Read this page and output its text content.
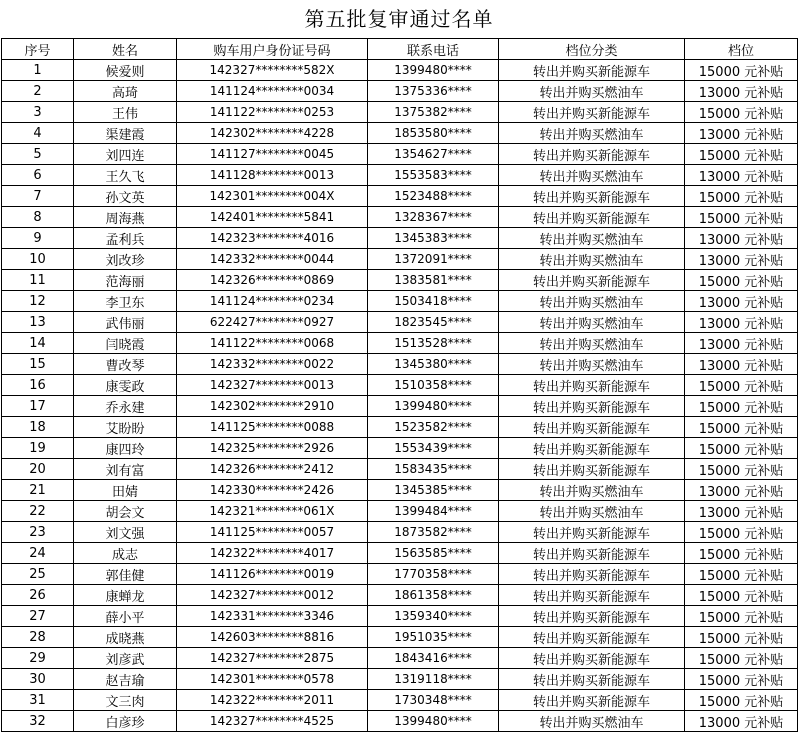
第五批复审通过名单
序号	姓名	购车用户身份证号码	联系电话	档位分类	档位
1	候爱则	142327********582X	1399480****	转出并购买新能源车	15000 元补贴
2	高琦	141124********0034	1375336****	转出并购买燃油车	13000 元补贴
3	王伟	141122********0253	1375382****	转出并购买新能源车	15000 元补贴
4	渠建霞	142302********4228	1853580****	转出并购买燃油车	13000 元补贴
5	刘四连	141127********0045	1354627****	转出并购买新能源车	15000 元补贴
6	王久飞	141128********0013	1553583****	转出并购买燃油车	13000 元补贴
7	孙文英	142301********004X	1523488****	转出并购买新能源车	15000 元补贴
8	周海燕	142401********5841	1328367****	转出并购买新能源车	15000 元补贴
9	孟利兵	142323********4016	1345383****	转出并购买燃油车	13000 元补贴
10	刘改珍	142332********0044	1372091****	转出并购买燃油车	13000 元补贴
11	范海丽	142326********0869	1383581****	转出并购买新能源车	15000 元补贴
12	李卫东	141124********0234	1503418****	转出并购买燃油车	13000 元补贴
13	武伟丽	622427********0927	1823545****	转出并购买燃油车	13000 元补贴
14	闫晓霞	141122********0068	1513528****	转出并购买燃油车	13000 元补贴
15	曹改琴	142332********0022	1345380****	转出并购买燃油车	13000 元补贴
16	康雯政	142327********0013	1510358****	转出并购买新能源车	15000 元补贴
17	乔永建	142302********2910	1399480****	转出并购买新能源车	15000 元补贴
18	艾盼盼	141125********0088	1523582****	转出并购买新能源车	15000 元补贴
19	康四玲	142325********2926	1553439****	转出并购买新能源车	15000 元补贴
20	刘有富	142326********2412	1583435****	转出并购买新能源车	15000 元补贴
21	田婧	142330********2426	1345385****	转出并购买燃油车	13000 元补贴
22	胡会文	142321********061X	1399484****	转出并购买燃油车	13000 元补贴
23	刘文强	141125********0057	1873582****	转出并购买新能源车	15000 元补贴
24	成志	142322********4017	1563585****	转出并购买新能源车	15000 元补贴
25	郭佳健	141126********0019	1770358****	转出并购买新能源车	15000 元补贴
26	康蝉龙	142327********0012	1861358****	转出并购买新能源车	15000 元补贴
27	薛小平	142331********3346	1359340****	转出并购买新能源车	15000 元补贴
28	成晓燕	142603********8816	1951035****	转出并购买新能源车	15000 元补贴
29	刘彦武	142327********2875	1843416****	转出并购买新能源车	15000 元补贴
30	赵吉瑜	142301********0578	1319118****	转出并购买新能源车	15000 元补贴
31	文三肉	142322********2011	1730348****	转出并购买新能源车	15000 元补贴
32	白彦珍	142327********4525	1399480****	转出并购买燃油车	13000 元补贴
